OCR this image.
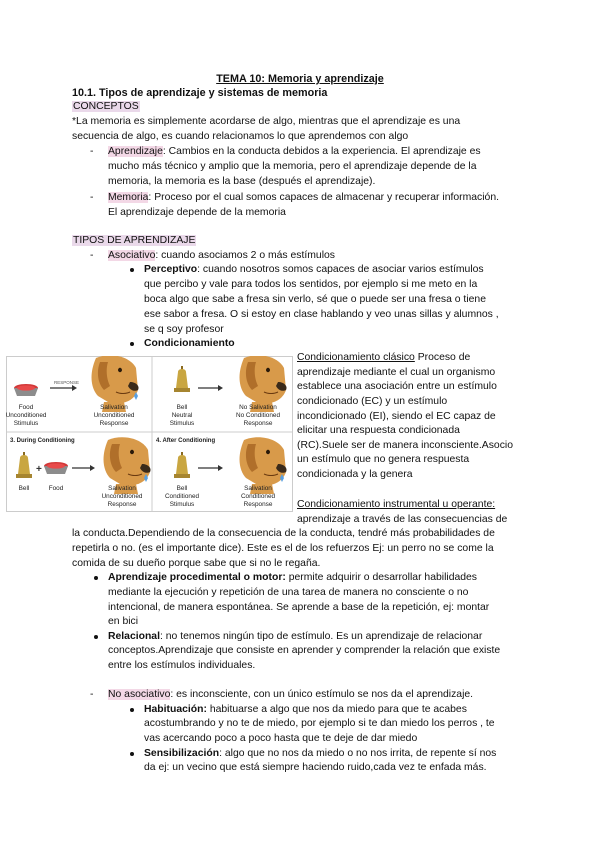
TEMA 10: Memoria y aprendizaje
10.1. Tipos de aprendizaje y sistemas de memoria
CONCEPTOS
*La memoria es simplemente acordarse de algo, mientras que el aprendizaje es una
secuencia de algo, es cuando relacionamos lo que aprendemos con algo
- Aprendizaje: Cambios en la conducta debidos a la experiencia. El aprendizaje es
mucho más técnico y amplio que la memoria, pero el aprendizaje depende de la
memoria, la memoria es la base (después el aprendizaje).
- Memoria: Proceso por el cual somos capaces de almacenar y recuperar información.
El aprendizaje depende de la memoria
TIPOS DE APRENDIZAJE
- Asociativo: cuando asociamos 2 o más estímulos
Perceptivo: cuando nosotros somos capaces de asociar varios estímulos
que percibo y vale para todos los sentidos, por ejemplo si me meto en la
boca algo que sabe a fresa sin verlo, sé que o puede ser una fresa o tiene
ese sabor a fresa. O si estoy en clase hablando y veo unas sillas y alumnos ,
se q soy profesor
Condicionamiento
RESPONSE
Food
Unconditioned
Stimulus
Salivation
Unconditioned
Response
Bell
Neutral
Stimulus
No Salivation
No Conditioned
Response
3. During Conditioning
+
Bell	Food	Salivation
Unconditioned
Response
4. After Conditioning
Bell
Conditioned
Stimulus
Salivation
Conditioned
Response
Condicionamiento clásico Proceso de
aprendizaje mediante el cual un organismo
establece una asociación entre un estímulo
condicionado (EC) y un estímulo
incondicionado (EI), siendo el EC capaz de
elicitar una respuesta condicionada
(RC).Suele ser de manera inconsciente.Asocio
un estímulo que no genera respuesta
condicionada y la genera
Condicionamiento instrumental u operante:
aprendizaje a través de las consecuencias de
la conducta.Dependiendo de la consecuencia de la conducta, tendré más probabilidades de
repetirla o no. (es el importante dice). Este es el de los refuerzos Ej: un perro no se come la
comida de su dueño porque sabe que si no le regaña.
Aprendizaje procedimental o motor: permite adquirir o desarrollar habilidades
mediante la ejecución y repetición de una tarea de manera no consciente o no
intencional, de manera espontánea. Se aprende a base de la repetición, ej: montar
en bici
Relacional: no tenemos ningún tipo de estímulo. Es un aprendizaje de relacionar
conceptos.Aprendizaje que consiste en aprender y comprender la relación que existe
entre los estímulos individuales.
- No asociativo: es inconsciente, con un único estímulo se nos da el aprendizaje.
Habituación: habituarse a algo que nos da miedo para que te acabes
acostumbrando y no te de miedo, por ejemplo si te dan miedo los perros , te
vas acercando poco a poco hasta que te deje de dar miedo
Sensibilización: algo que no nos da miedo o no nos irrita, de repente sí nos
da ej: un vecino que está siempre haciendo ruido,cada vez te enfada más.
